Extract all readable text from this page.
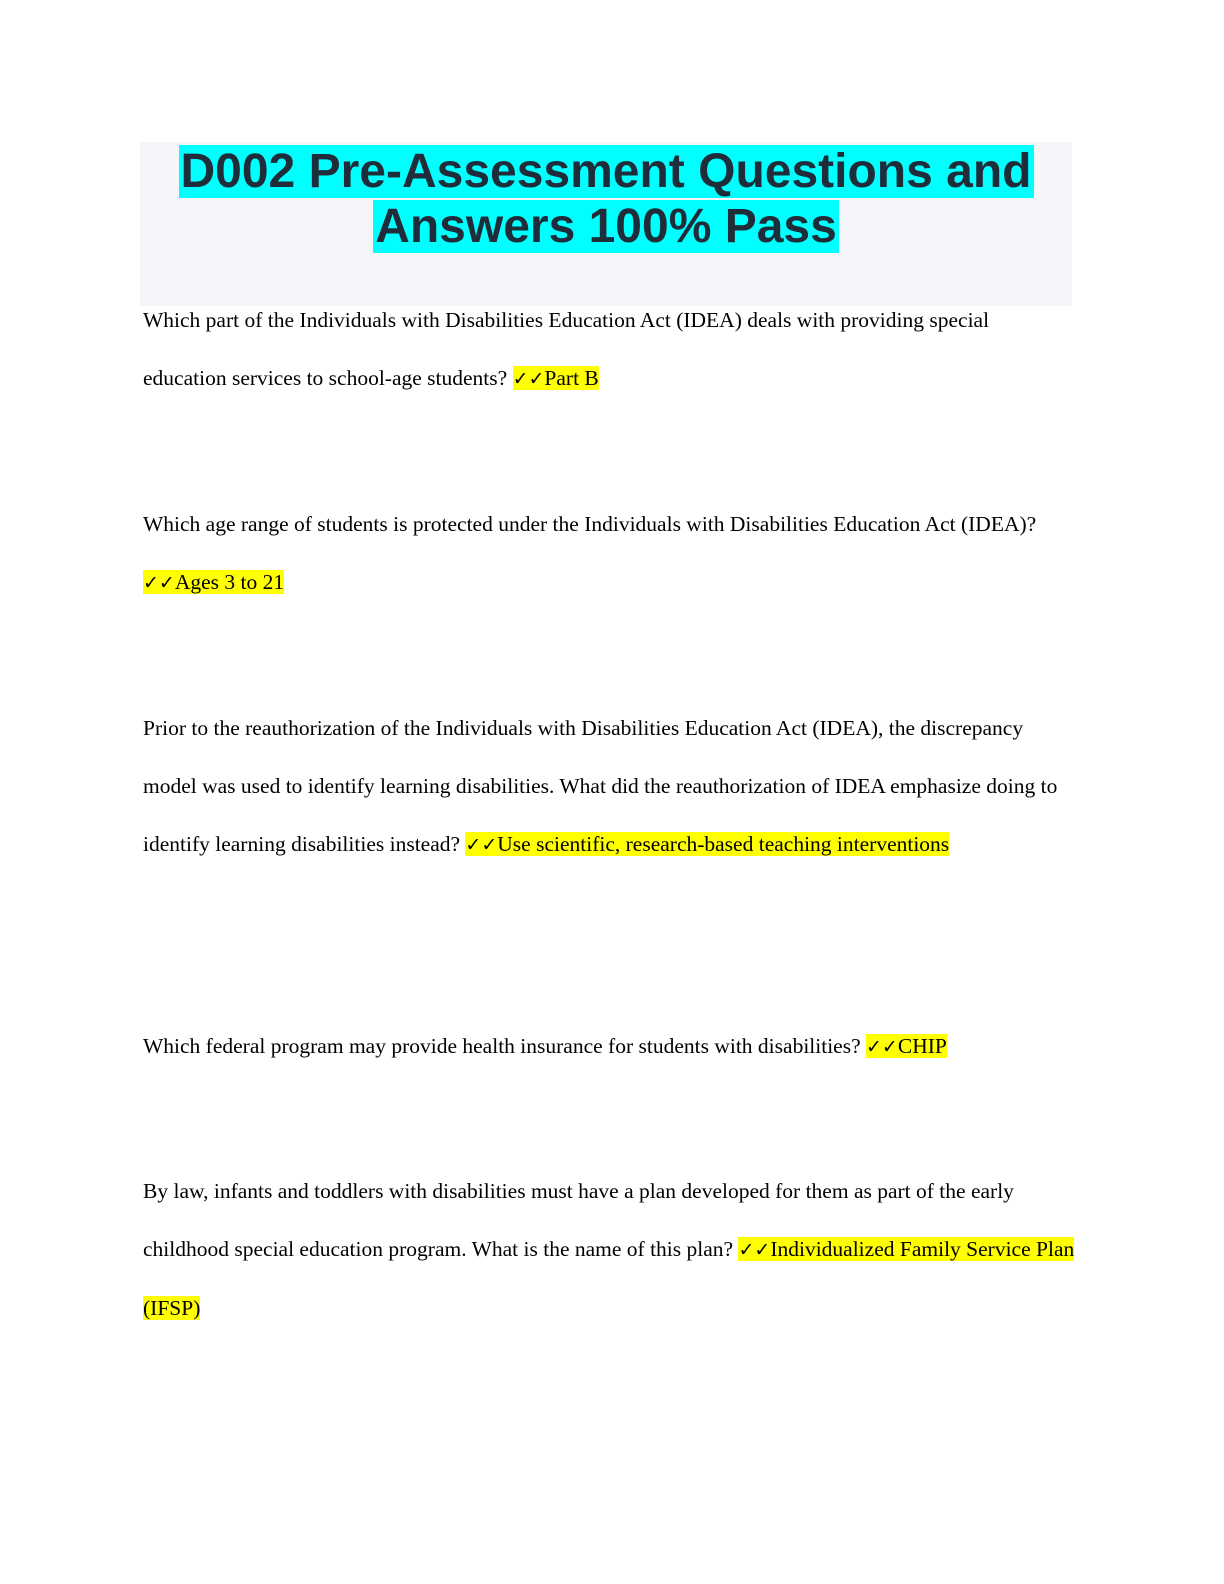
D002 Pre-Assessment Questions and
Answers 100% Pass

Which part of the Individuals with Disabilities Education Act (IDEA) deals with providing special education services to school-age students? ✓✓Part B

Which age range of students is protected under the Individuals with Disabilities Education Act (IDEA)? ✓✓Ages 3 to 21

Prior to the reauthorization of the Individuals with Disabilities Education Act (IDEA), the discrepancy model was used to identify learning disabilities. What did the reauthorization of IDEA emphasize doing to identify learning disabilities instead? ✓✓Use scientific, research-based teaching interventions

Which federal program may provide health insurance for students with disabilities? ✓✓CHIP

By law, infants and toddlers with disabilities must have a plan developed for them as part of the early childhood special education program. What is the name of this plan? ✓✓Individualized Family Service Plan (IFSP)
